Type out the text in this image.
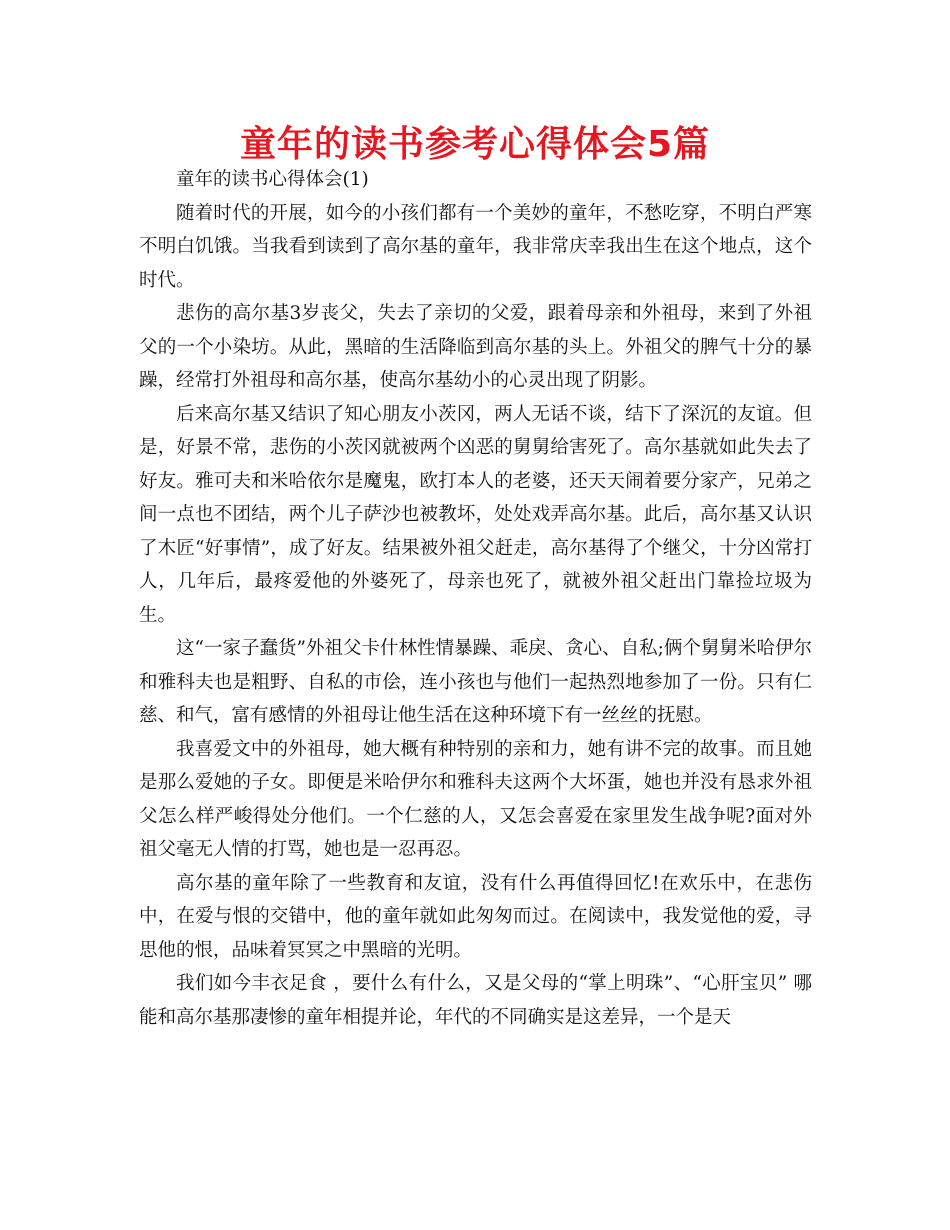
童年的读书参考心得体会5篇

童年的读书心得体会(1)

随着时代的开展，如今的小孩们都有一个美妙的童年，不愁吃穿，不明白严寒不明白饥饿。当我看到读到了高尔基的童年，我非常庆幸我出生在这个地点，这个时代。

悲伤的高尔基3岁丧父，失去了亲切的父爱，跟着母亲和外祖母，来到了外祖父的一个小染坊。从此，黑暗的生活降临到高尔基的头上。外祖父的脾气十分的暴躁，经常打外祖母和高尔基，使高尔基幼小的心灵出现了阴影。

后来高尔基又结识了知心朋友小茨冈，两人无话不谈，结下了深沉的友谊。但是，好景不常，悲伤的小茨冈就被两个凶恶的舅舅给害死了。高尔基就如此失去了好友。雅可夫和米哈依尔是魔鬼，欧打本人的老婆，还天天闹着要分家产，兄弟之间一点也不团结，两个儿子萨沙也被教坏，处处戏弄高尔基。此后，高尔基又认识了木匠“好事情”，成了好友。结果被外祖父赶走，高尔基得了个继父，十分凶常打人，几年后，最疼爱他的外婆死了，母亲也死了，就被外祖父赶出门靠捡垃圾为生。

这“一家子蠢货”外祖父卡什林性情暴躁、乖戾、贪心、自私;俩个舅舅米哈伊尔和雅科夫也是粗野、自私的市侩，连小孩也与他们一起热烈地参加了一份。只有仁慈、和气，富有感情的外祖母让他生活在这种环境下有一丝丝的抚慰。

我喜爱文中的外祖母，她大概有种特别的亲和力，她有讲不完的故事。而且她是那么爱她的子女。即便是米哈伊尔和雅科夫这两个大坏蛋，她也并没有恳求外祖父怎么样严峻得处分他们。一个仁慈的人，又怎会喜爱在家里发生战争呢?面对外祖父毫无人情的打骂，她也是一忍再忍。

高尔基的童年除了一些教育和友谊，没有什么再值得回忆!在欢乐中，在悲伤中，在爱与恨的交错中，他的童年就如此匆匆而过。在阅读中，我发觉他的爱，寻思他的恨，品味着冥冥之中黑暗的光明。

我们如今丰衣足食 ，要什么有什么，又是父母的“掌上明珠”、“心肝宝贝” 哪能和高尔基那凄惨的童年相提并论，年代的不同确实是这差异，一个是天
